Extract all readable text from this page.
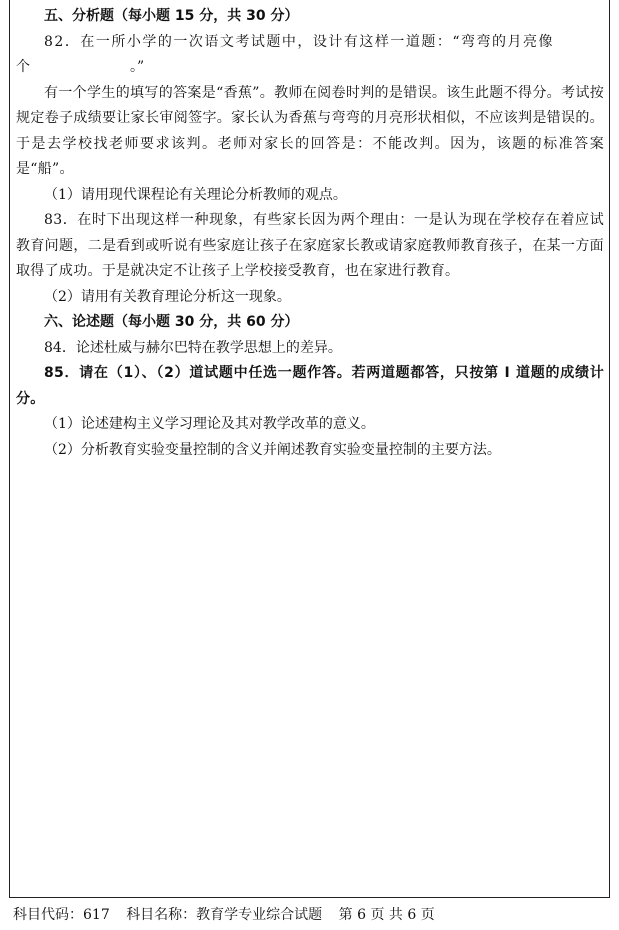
五、分析题（每小题 15 分，共 30 分）

82．在一所小学的一次语文考试题中，设计有这样一道题：“弯弯的月亮像

个	。”

有一个学生的填写的答案是“香蕉”。教师在阅卷时判的是错误。该生此题不得分。考试按规定卷子成绩要让家长审阅签字。家长认为香蕉与弯弯的月亮形状相似，不应该判是错误的。于是去学校找老师要求该判。老师对家长的回答是：不能改判。因为，该题的标准答案是“船”。

（1）请用现代课程论有关理论分析教师的观点。

83．在时下出现这样一种现象，有些家长因为两个理由：一是认为现在学校存在着应试教育问题，二是看到或听说有些家庭让孩子在家庭家长教或请家庭教师教育孩子，在某一方面取得了成功。于是就决定不让孩子上学校接受教育，也在家进行教育。

（2）请用有关教育理论分析这一现象。

六、论述题（每小题 30 分，共 60 分）

84．论述杜威与赫尔巴特在教学思想上的差异。

85．请在（1）、（2）道试题中任选一题作答。若两道题都答，只按第 Ⅰ 道题的成绩计分。

（1）论述建构主义学习理论及其对教学改革的意义。

（2）分析教育实验变量控制的含义并阐述教育实验变量控制的主要方法。

科目代码：617 科目名称：教育学专业综合试题 第 6 页 共 6 页
